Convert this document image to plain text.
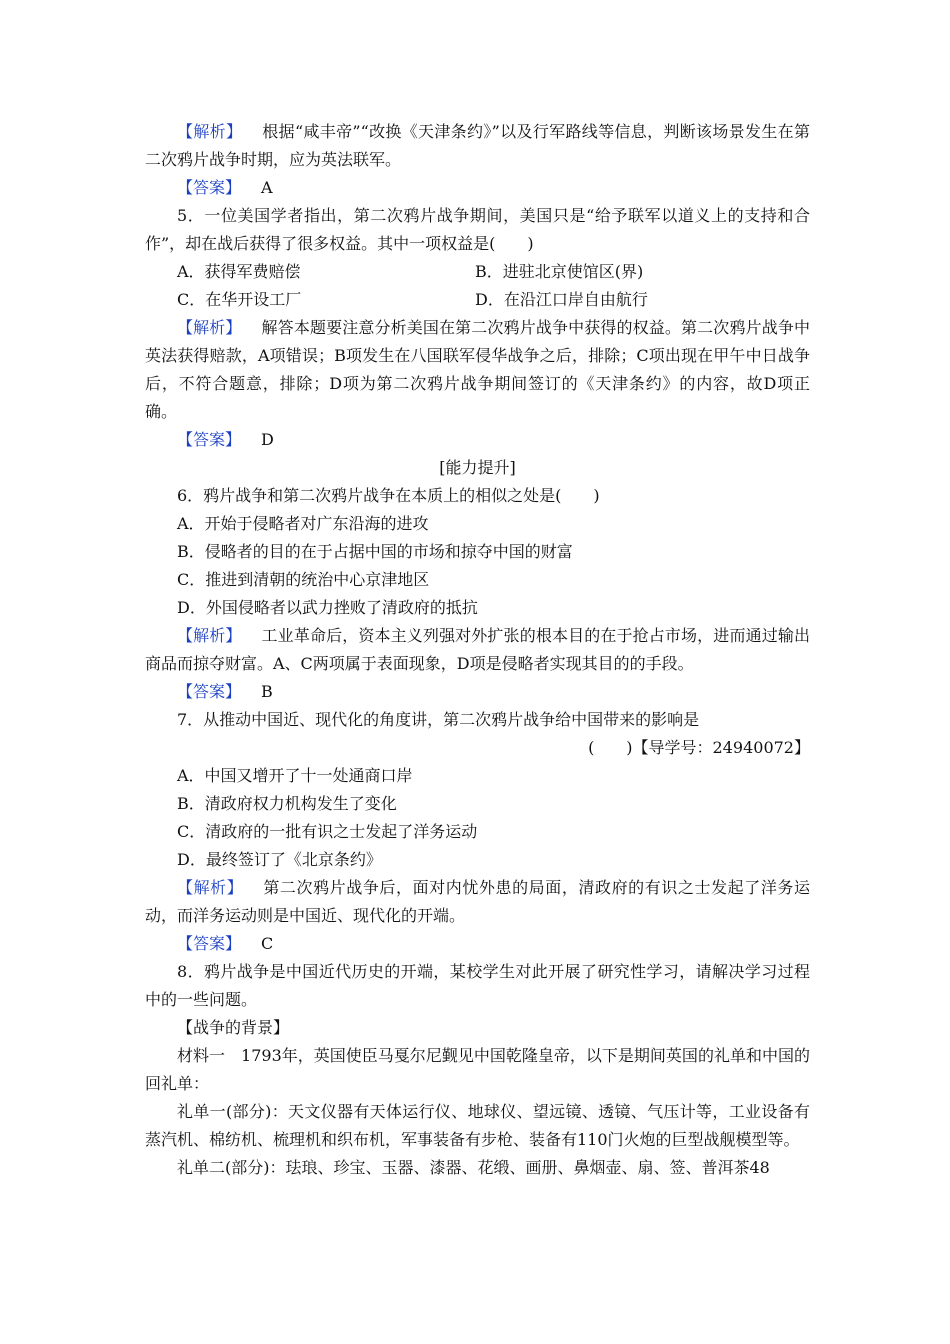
【解析】 根据“咸丰帝”“改换《天津条约》”以及行军路线等信息，判断该场景发生在第二次鸦片战争时期，应为英法联军。

【答案】 A

5．一位美国学者指出，第二次鸦片战争期间，美国只是“给予联军以道义上的支持和合作”，却在战后获得了很多权益。其中一项权益是(　　)

A．获得军费赔偿	B．进驻北京使馆区(界)
C．在华开设工厂	D．在沿江口岸自由航行

【解析】 解答本题要注意分析美国在第二次鸦片战争中获得的权益。第二次鸦片战争中英法获得赔款，A项错误；B项发生在八国联军侵华战争之后，排除；C项出现在甲午中日战争后，不符合题意，排除；D项为第二次鸦片战争期间签订的《天津条约》的内容，故D项正确。

【答案】 D

[能力提升]

6．鸦片战争和第二次鸦片战争在本质上的相似之处是(　　)

A．开始于侵略者对广东沿海的进攻

B．侵略者的目的在于占据中国的市场和掠夺中国的财富

C．推进到清朝的统治中心京津地区

D．外国侵略者以武力挫败了清政府的抵抗

【解析】 工业革命后，资本主义列强对外扩张的根本目的在于抢占市场，进而通过输出商品而掠夺财富。A、C两项属于表面现象，D项是侵略者实现其目的的手段。

【答案】 B

7．从推动中国近、现代化的角度讲，第二次鸦片战争给中国带来的影响是

(　　)【导学号：24940072】

A．中国又增开了十一处通商口岸

B．清政府权力机构发生了变化

C．清政府的一批有识之士发起了洋务运动

D．最终签订了《北京条约》

【解析】 第二次鸦片战争后，面对内忧外患的局面，清政府的有识之士发起了洋务运动，而洋务运动则是中国近、现代化的开端。

【答案】 C

8．鸦片战争是中国近代历史的开端，某校学生对此开展了研究性学习，请解决学习过程中的一些问题。

【战争的背景】

材料一　1793年，英国使臣马戛尔尼觐见中国乾隆皇帝，以下是期间英国的礼单和中国的回礼单：

礼单一(部分)：天文仪器有天体运行仪、地球仪、望远镜、透镜、气压计等，工业设备有蒸汽机、棉纺机、梳理机和织布机，军事装备有步枪、装备有110门火炮的巨型战舰模型等。

礼单二(部分)：珐琅、珍宝、玉器、漆器、花缎、画册、鼻烟壶、扇、签、普洱茶48
